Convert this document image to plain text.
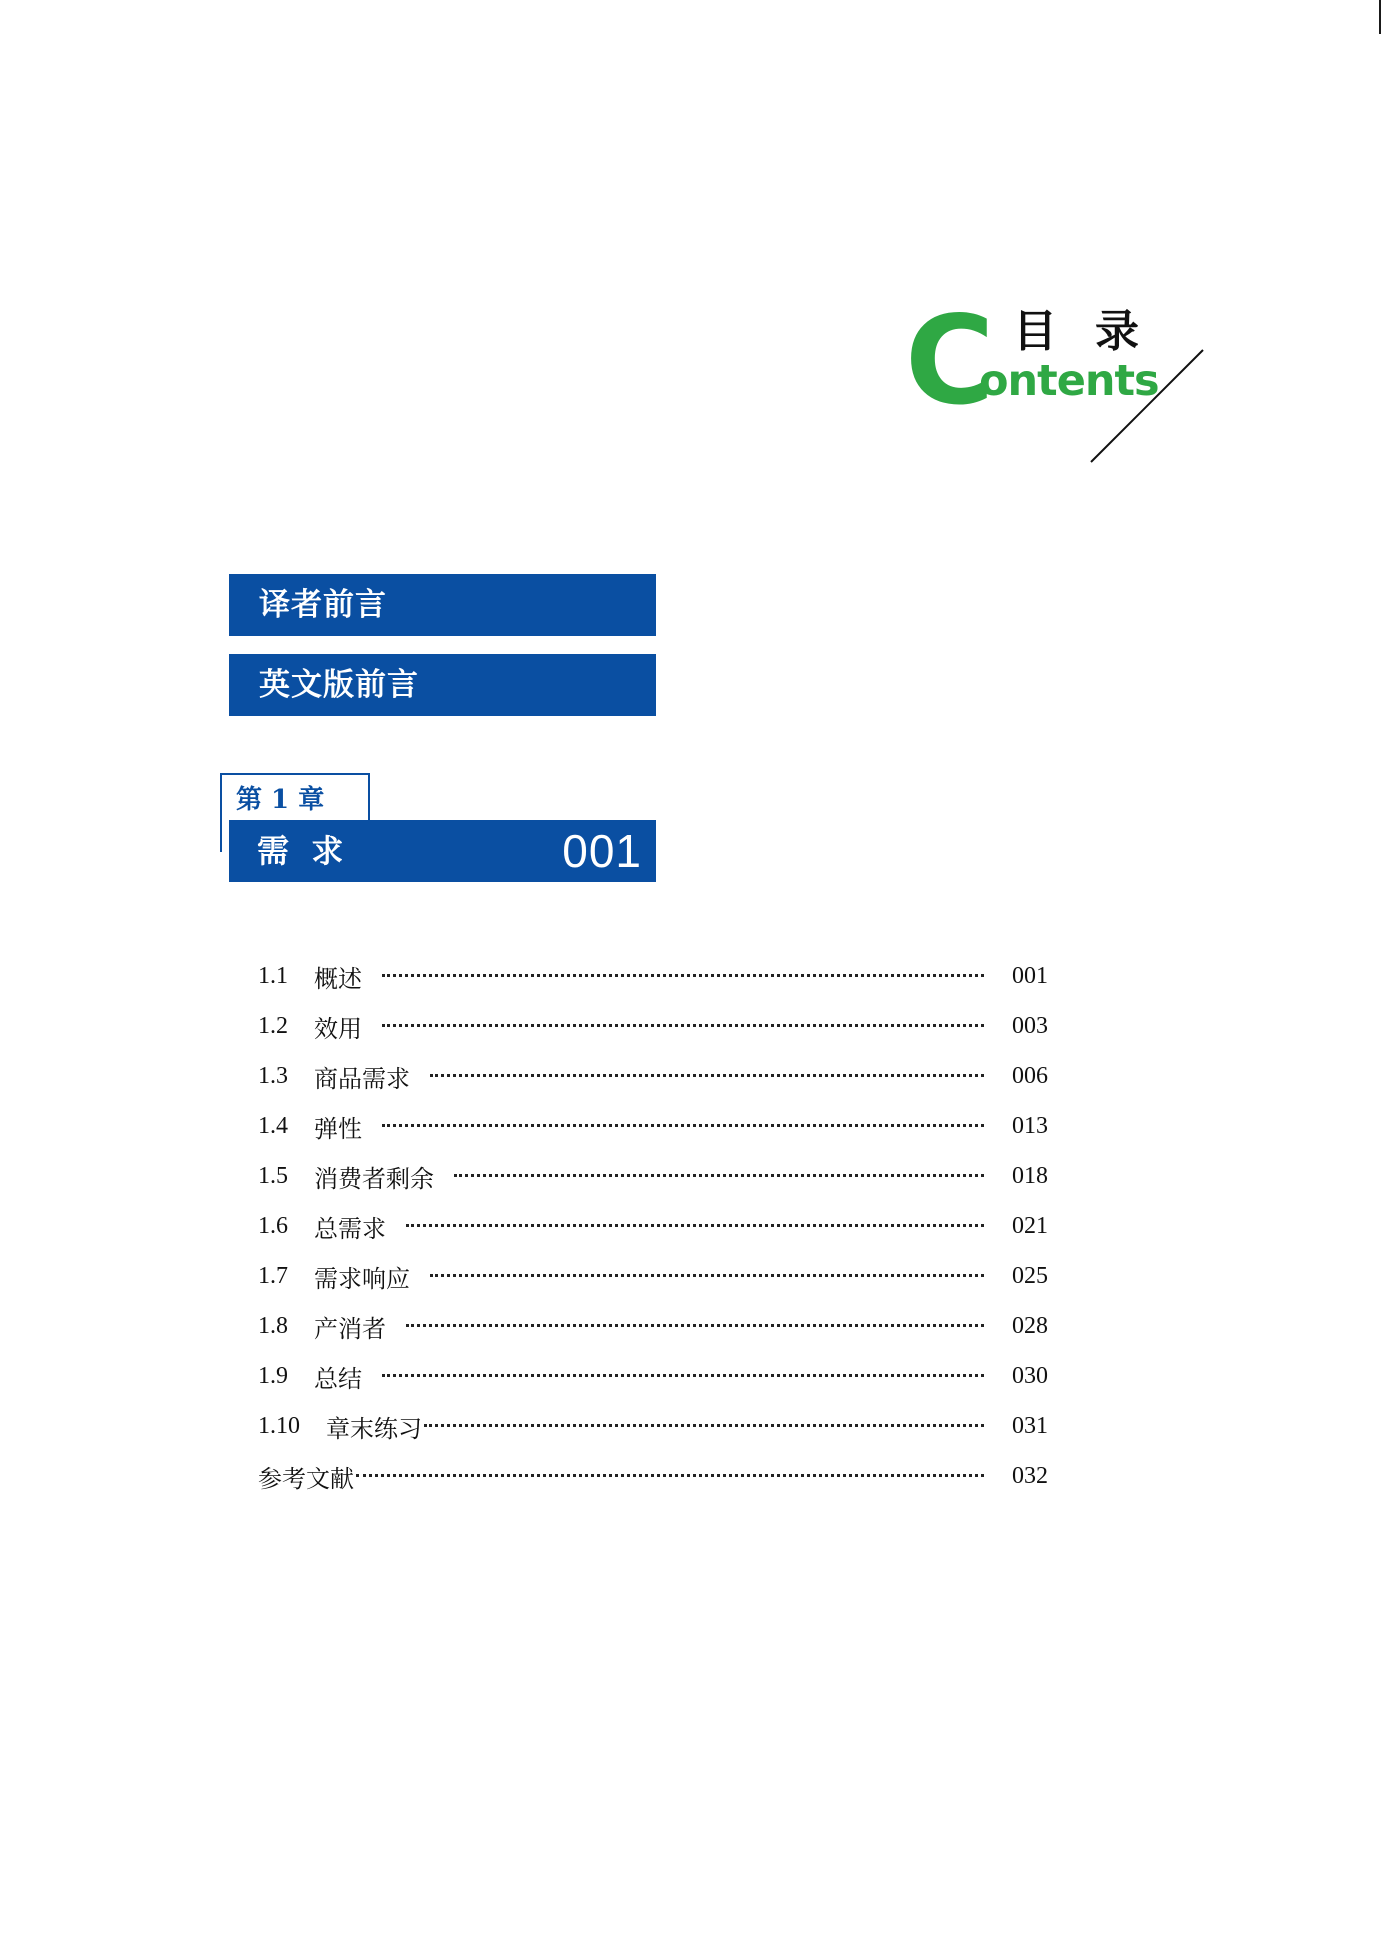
C 目录
ontents
译者前言
英文版前言
第 1 章
需  求	001
1.1	概述	001
1.2	效用	003
1.3	商品需求	006
1.4	弹性	013
1.5	消费者剩余	018
1.6	总需求	021
1.7	需求响应	025
1.8	产消者	028
1.9	总结	030
1.10	章末练习	031
参考文献	032
